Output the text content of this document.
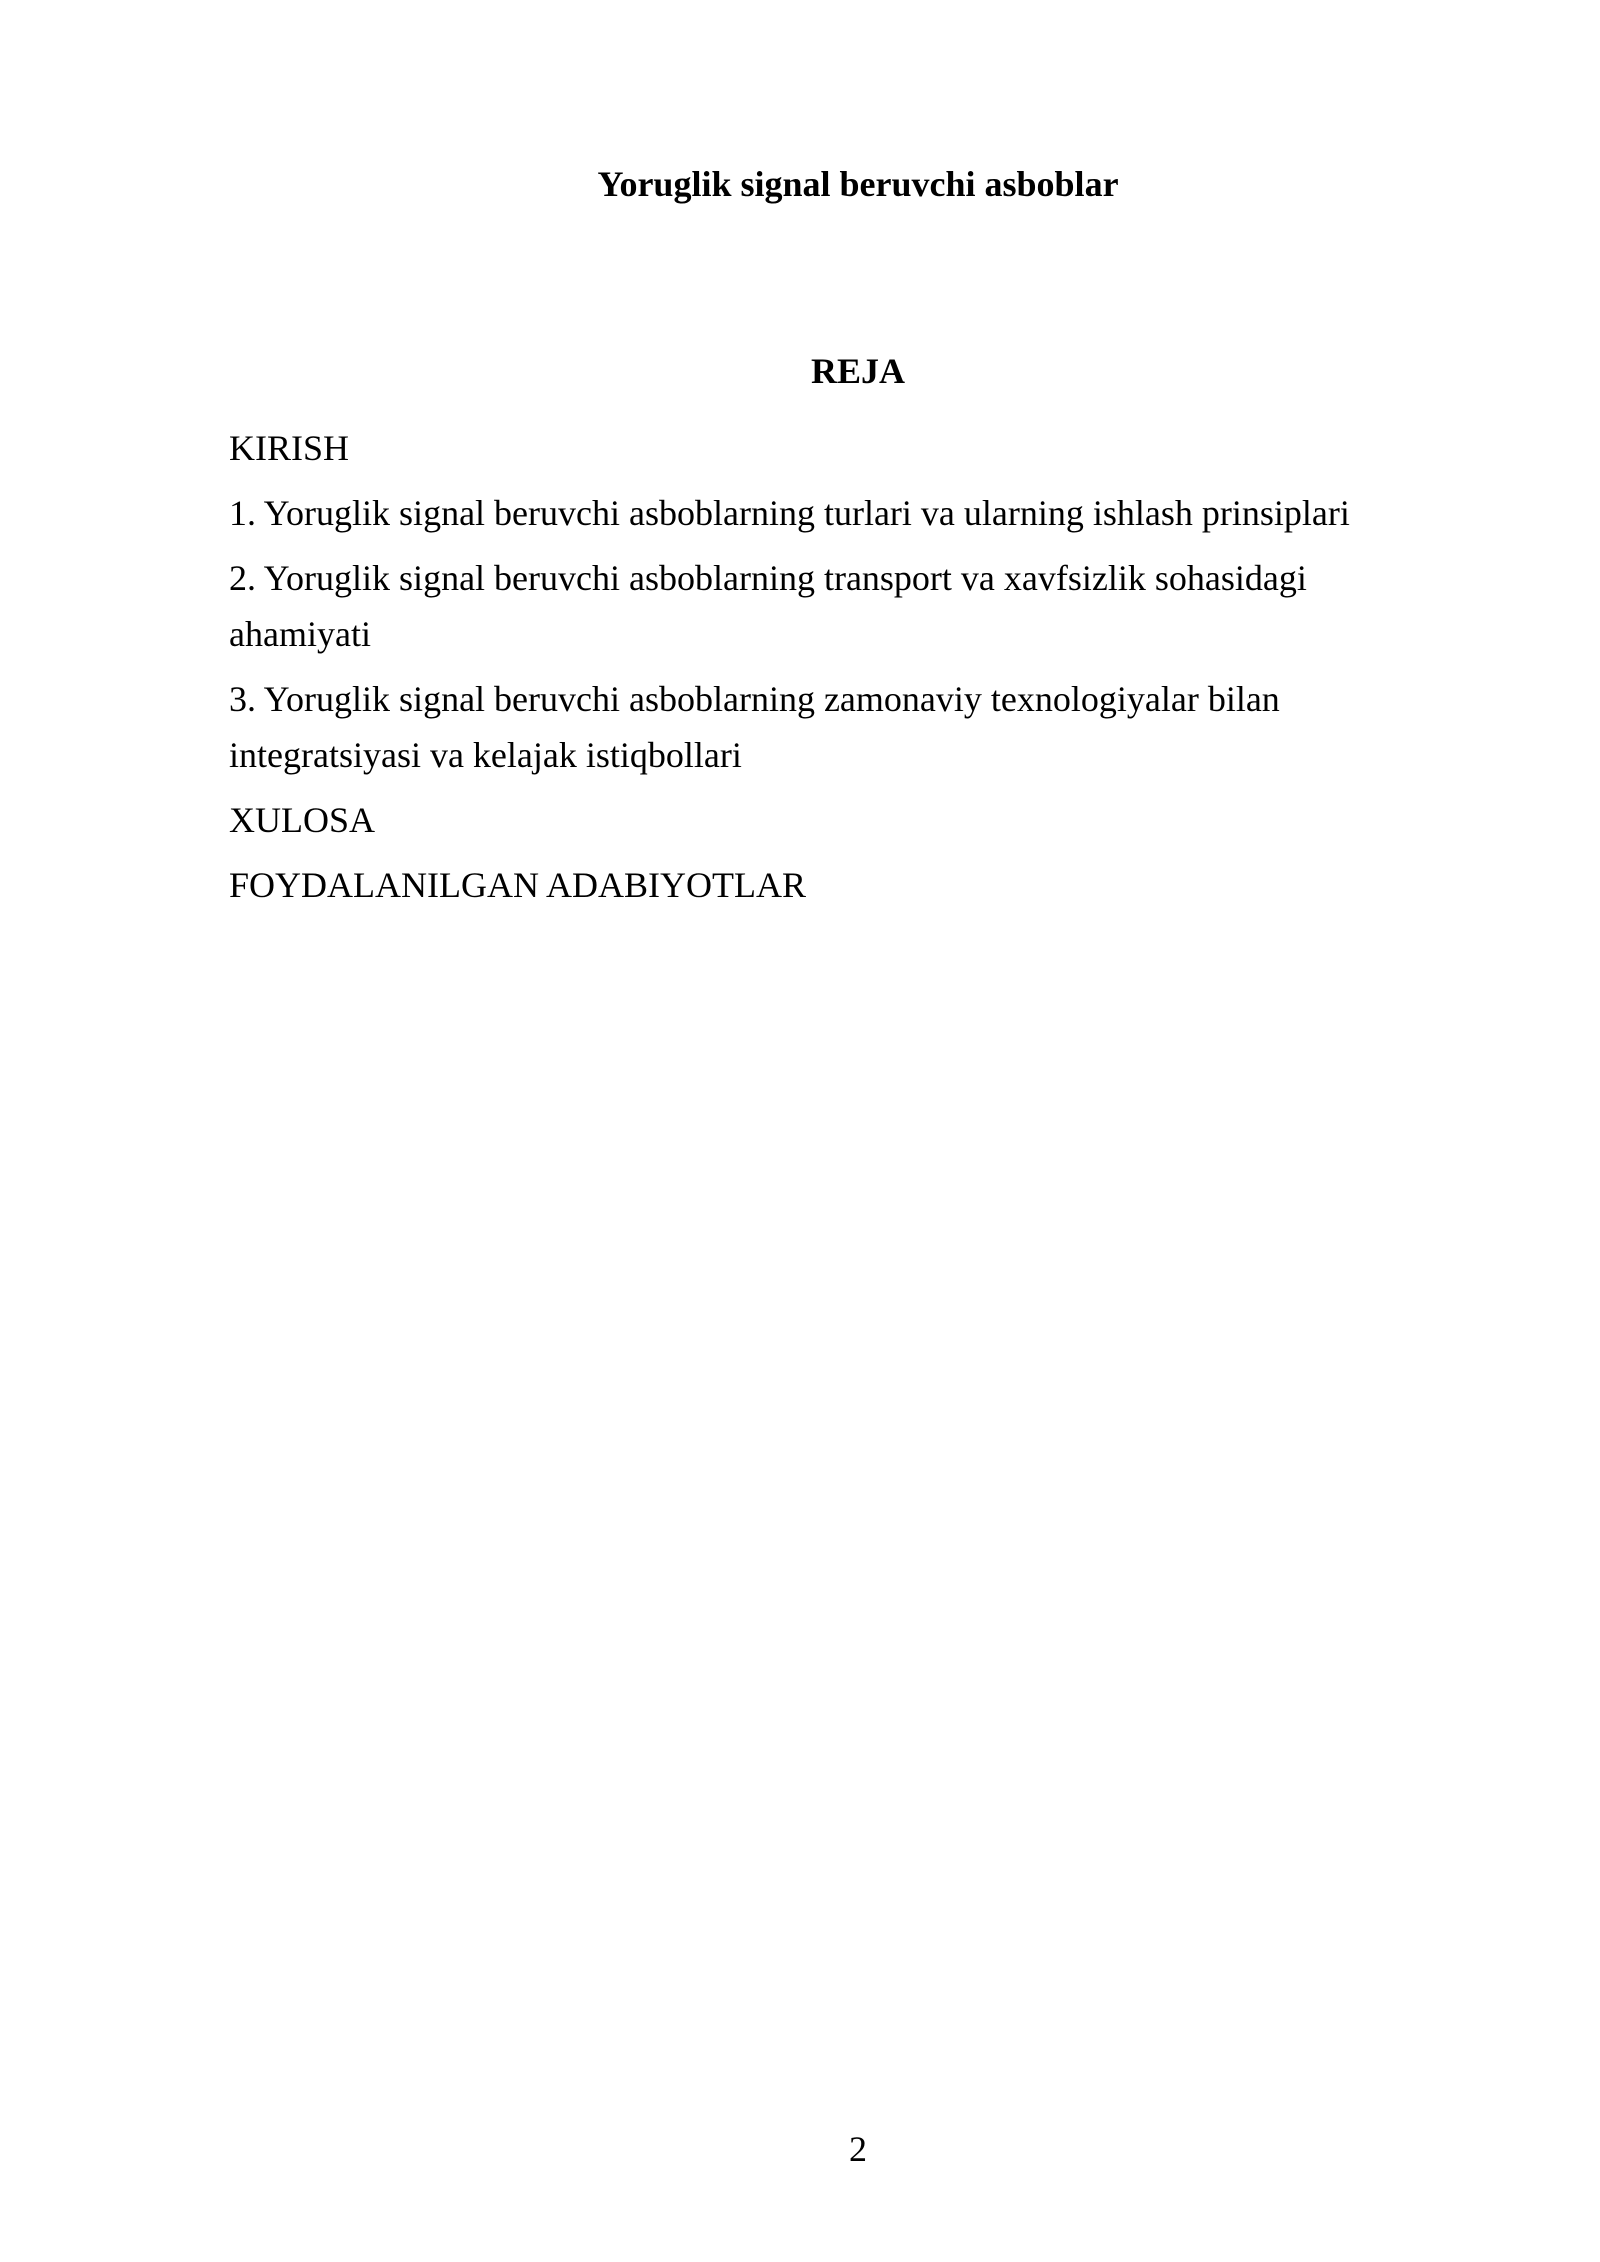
Yoruglik signal beruvchi asboblar
REJA
KIRISH
1. Yoruglik signal beruvchi asboblarning turlari va ularning ishlash prinsiplari
2. Yoruglik signal beruvchi asboblarning transport va xavfsizlik sohasidagi ahamiyati
3. Yoruglik signal beruvchi asboblarning zamonaviy texnologiyalar bilan integratsiyasi va kelajak istiqbollari
XULOSA
FOYDALANILGAN ADABIYOTLAR
2
